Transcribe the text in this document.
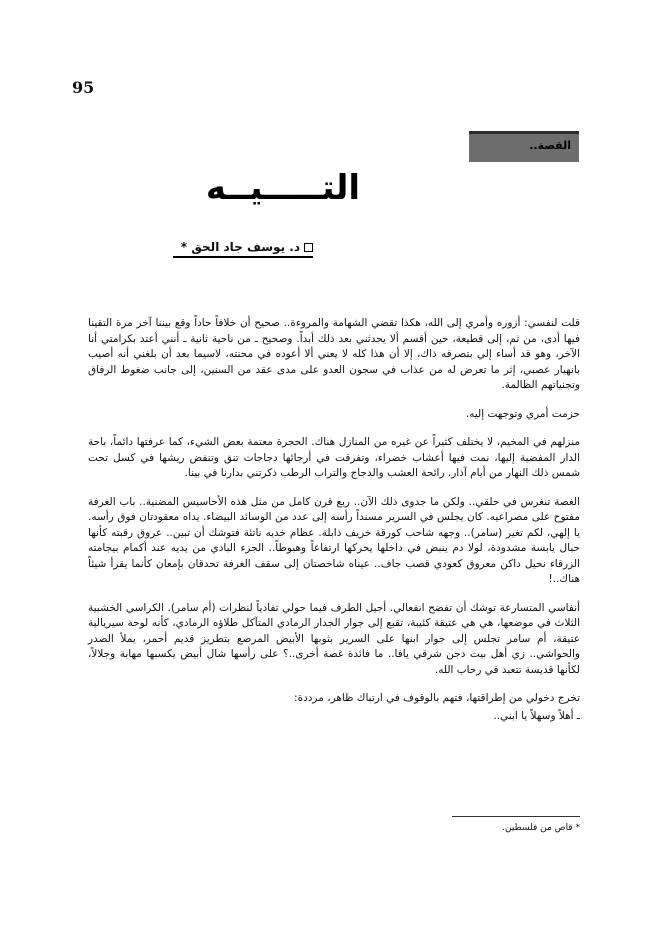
95
القصة..
التـــــيــه
د. يوسف جاد الحق *

قلت لنفسي: أزوره وأمري إلى الله، هكذا تقضي الشهامة والمروءة.. صحيح أن خلافاً حاداً وقع بيننا آخر مرة التقينا فيها أدى، من ثم، إلى قطيعة، حين أقسم ألا يحدثني بعد ذلك أبداً. وصحيح ـ من ناحية ثانية ـ أنني أعتد بكرامتي أنا الآخر، وهو قد أساء إلي بتصرفه ذاك، إلا أن هذا كله لا يعني ألا أعوده في محنته، لاسيما بعد أن بلغني أنه أصيب بانهيار عصبي، إثر ما تعرض له من عذاب في سجون العدو على مدى عقد من السنين، إلى جانب ضغوط الرفاق وتجنياتهم الظالمة.

حزمت أمري وتوجهت إليه.

منزلهم في المخيم، لا يختلف كثيراً عن غيره من المنازل هناك. الحجرة معتمة بعض الشيء، كما عرفتها دائماً، باحة الدار المفضية إليها، نمت فيها أعشاب خضراء، وتفرقت في أرجائها دجاجات تنق وتنفض ريشها في كسل تحت شمس ذلك النهار من أيام آذار. رائحة العشب والدجاج والتراب الرطب ذكرتني بدارنا في بينا.

الغصة تنغرس في حلقي.. ولكن ما جدوى ذلك الآن.. ربع قرن كامل من مثل هذه الأحاسيس المضنية.. باب الغرفة مفتوح على مصراعيه. كان يجلس في السرير مسنداً رأسه إلى عدد من الوسائد البيضاء. يداه معقودتان فوق رأسه. يا إلهي، لكم تغير (سامر).. وجهه شاحب كورقة خريف ذابلة. عظام خديه ناتئة فتوشك أن تبين.. عروق رقبته كأنها حبال يابسة مشدودة، لولا دم ينبض في داخلها يحركها ارتفاعاً وهبوطاً.. الجزء البادي من يديه عند أكمام بيجامته الزرقاء نحيل داكن معروق كعودي قصب جاف.. عيناه شاخصتان إلى سقف الغرفة تحدقان بإمعان كأنما يقرأ شيئاً هناك..!

أنفاسي المتسارعة توشك أن تفضح انفعالي. أجيل الطرف فيما حولي تفادياً لنظرات (أم سامر). الكراسي الخشبية الثلاث في موضعها، هي هي عتيقة كئيبة، تقبع إلى جوار الجدار الرمادي المتآكل طلاؤه الرمادي، كأنه لوحة سيريالية عتيقة، أم سامر تجلس إلى جوار ابنها على السرير بثوبها الأبيض المرصع بتطريز قديم أحمر، يملأ الصدر والحواشي.. زي أهل بيت دجن شرقي يافا.. ما فائدة غصة أخرى..؟ على رأسها شال أبيض يكسبها مهابة وجلالاً، لكأنها قديسة تتعبد في رحاب الله.

تخرج دخولي من إطراقتها، فتهم بالوقوف في ارتباك ظاهر، مرددة:

ـ أهلاً وسهلاً يا ابني..

* قاص من فلسطين.
